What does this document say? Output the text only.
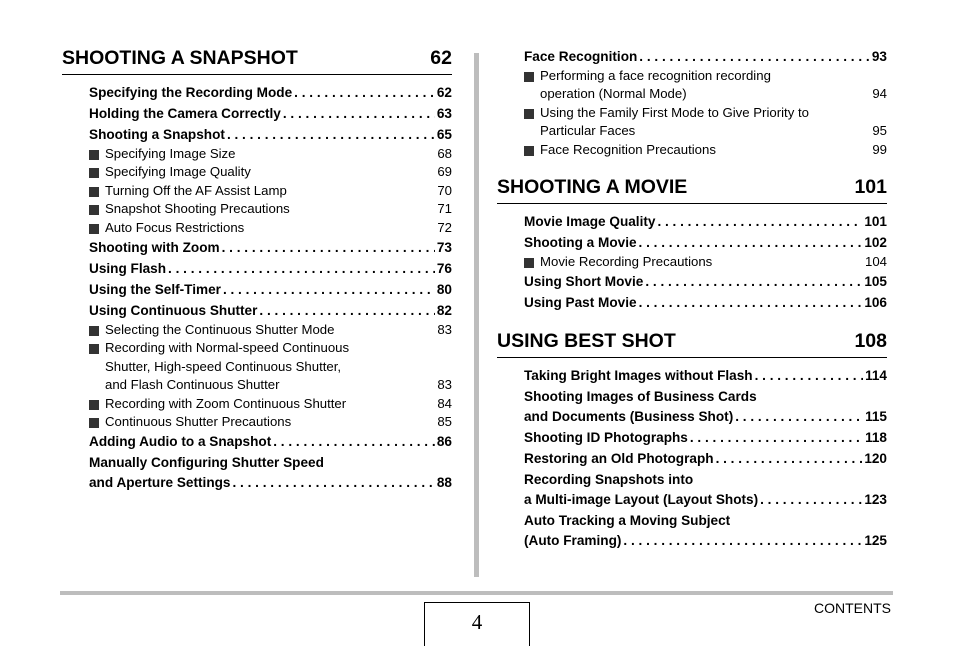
SHOOTING A SNAPSHOT	62
Specifying the Recording Mode . . .	62
Holding the Camera Correctly . . .	63
Shooting a Snapshot . . .	65
Specifying Image Size	68
Specifying Image Quality	69
Turning Off the AF Assist Lamp	70
Snapshot Shooting Precautions	71
Auto Focus Restrictions	72
Shooting with Zoom . . .	73
Using Flash . . .	76
Using the Self-Timer . . .	80
Using Continuous Shutter . . .	82
Selecting the Continuous Shutter Mode	83
Recording with Normal-speed Continuous
Shutter, High-speed Continuous Shutter,
and Flash Continuous Shutter	83
Recording with Zoom Continuous Shutter	84
Continuous Shutter Precautions	85
Adding Audio to a Snapshot . . .	86
Manually Configuring Shutter Speed
and Aperture Settings . . .	88
Face Recognition . . .	93
Performing a face recognition recording
operation (Normal Mode)	94
Using the Family First Mode to Give Priority to
Particular Faces	95
Face Recognition Precautions	99
SHOOTING A MOVIE	101
Movie Image Quality . . .	101
Shooting a Movie . . .	102
Movie Recording Precautions	104
Using Short Movie . . .	105
Using Past Movie . . .	106
USING BEST SHOT	108
Taking Bright Images without Flash . . .	114
Shooting Images of Business Cards
and Documents (Business Shot) . . .	115
Shooting ID Photographs . . .	118
Restoring an Old Photograph . . .	120
Recording Snapshots into
a Multi-image Layout (Layout Shots) . . .	123
Auto Tracking a Moving Subject
(Auto Framing) . . .	125
4
CONTENTS
